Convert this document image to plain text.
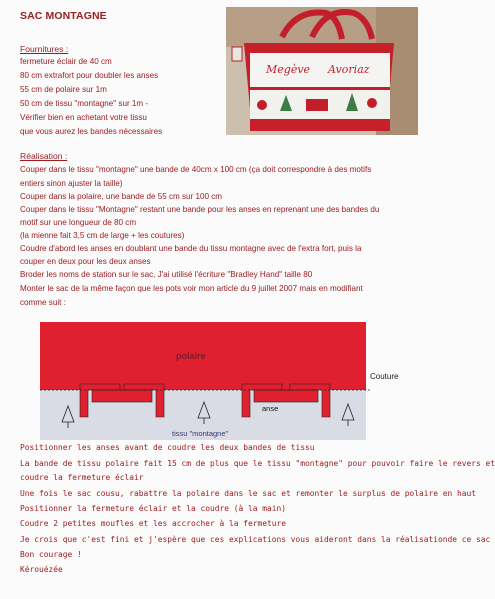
SAC MONTAGNE
Fournitures :
fermeture éclair de 40 cm
80 cm extrafort pour doubler les anses
55 cm de polaire sur 1m
50 cm de tissu "montagne" sur 1m -
Vérifier bien en achetant votre tissu
que vous aurez les bandes nécessaires
Megève Avoriaz
Réalisation :
Couper dans le tissu "montagne" une bande de 40cm x 100 cm (ça doit correspondre à des motifs
entiers sinon ajuster la taille)
Couper dans la polaire, une bande de 55 cm sur 100 cm
Couper dans le tissu "Montagne" restant une bande pour les anses en reprenant une des bandes du
motif sur une longueur de 80 cm
(la mienne fait 3,5 cm de large + les coutures)
Coudre d'abord les anses en doublant une bande du tissu montagne avec de l'extra fort, puis la
couper en deux pour les deux anses
Broder les noms de station sur le sac, J'ai utilisé l'écriture "Bradley Hand" taille 80
Monter le sac de la même façon que les pots voir mon article du 9 juillet 2007 mais en modifiant
comme suit :
polaire
Couture
anse
tissu "montagne"
Positionner les anses avant de coudre les deux bandes de tissu
La bande de tissu polaire fait 15 cm de plus que le tissu "montagne" pour pouvoir faire le revers et
coudre la fermeture éclair
Une fois le sac cousu, rabattre la polaire dans le sac et remonter le surplus de polaire en haut
Positionner la fermeture éclair et la coudre (à la main)
Coudre 2 petites moufles et les accrocher à la fermeture
Je crois que c'est fini et j'espère que ces explications vous aideront dans la réalisationde ce sac
Bon courage !
Kérouézée
